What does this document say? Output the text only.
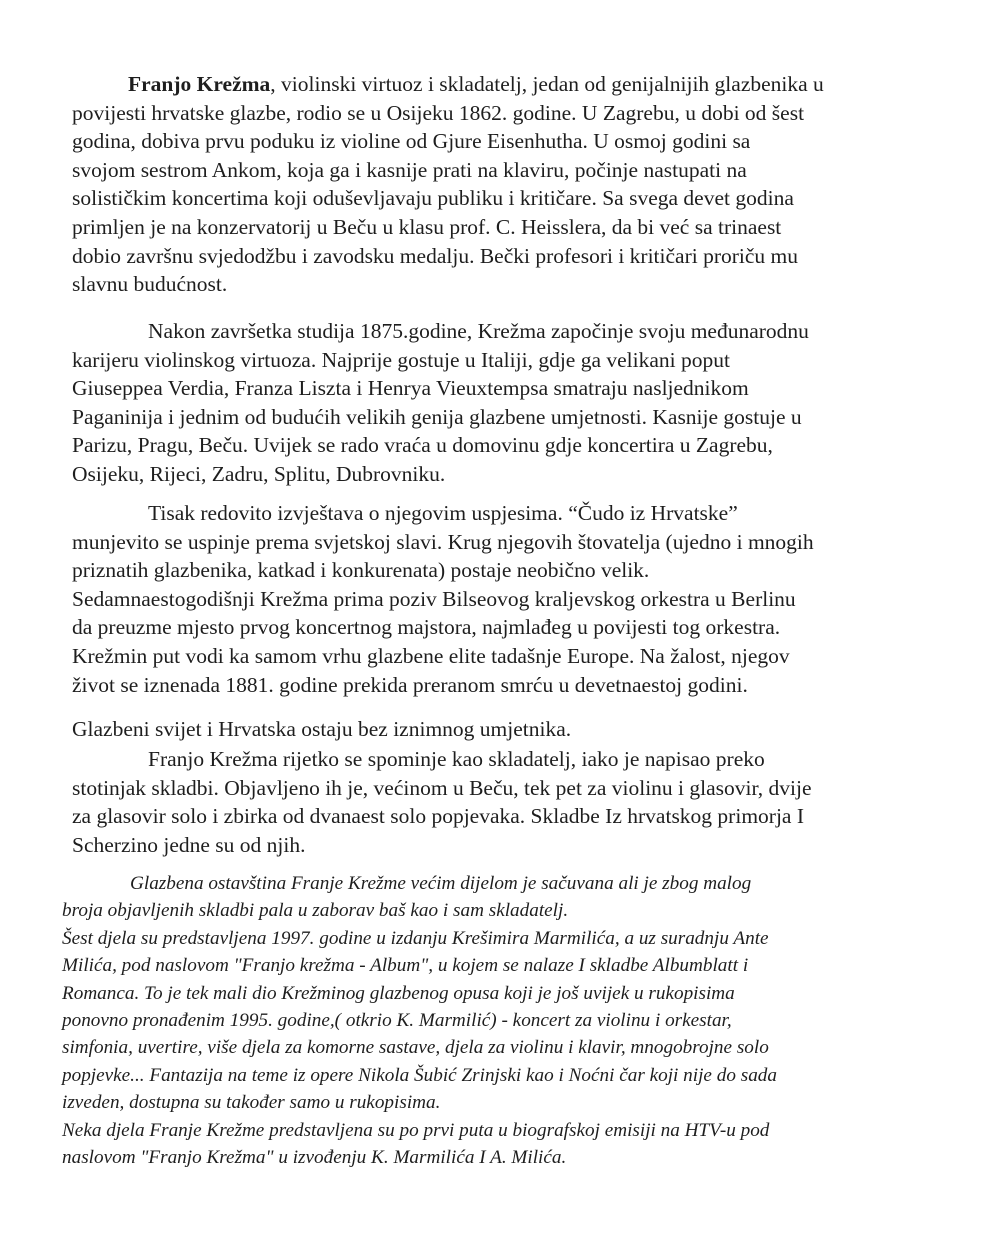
Franjo Krežma, violinski virtuoz i skladatelj, jedan od genijalnijih glazbenika u
povijesti hrvatske glazbe, rodio se u Osijeku 1862. godine. U Zagrebu, u dobi od šest
godina, dobiva prvu poduku iz violine od Gjure Eisenhutha. U osmoj godini sa
svojom sestrom Ankom, koja ga i kasnije prati na klaviru, počinje nastupati na
solističkim koncertima koji oduševljavaju publiku i kritičare. Sa svega devet godina
primljen je na konzervatorij u Beču u klasu prof. C. Heisslera, da bi već sa trinaest
dobio završnu svjedodžbu i zavodsku medalju. Bečki profesori i kritičari proriču mu
slavnu budućnost.

Nakon završetka studija 1875.godine, Krežma započinje svoju međunarodnu
karijeru violinskog virtuoza. Najprije gostuje u Italiji, gdje ga velikani poput
Giuseppea Verdia, Franza Liszta i Henrya Vieuxtempsa smatraju nasljednikom
Paganinija i jednim od budućih velikih genija glazbene umjetnosti. Kasnije gostuje u
Parizu, Pragu, Beču. Uvijek se rado vraća u domovinu gdje koncertira u Zagrebu,
Osijeku, Rijeci, Zadru, Splitu, Dubrovniku.

Tisak redovito izvještava o njegovim uspjesima. “Čudo iz Hrvatske”
munjevito se uspinje prema svjetskoj slavi. Krug njegovih štovatelja (ujedno i mnogih
priznatih glazbenika, katkad i konkurenata) postaje neobično velik.
Sedamnaestogodišnji Krežma prima poziv Bilseovog kraljevskog orkestra u Berlinu
da preuzme mjesto prvog koncertnog majstora, najmlađeg u povijesti tog orkestra.
Krežmin put vodi ka samom vrhu glazbene elite tadašnje Europe. Na žalost, njegov
život se iznenada 1881. godine prekida preranom smrću u devetnaestoj godini.

Glazbeni svijet i Hrvatska ostaju bez iznimnog umjetnika.

Franjo Krežma rijetko se spominje kao skladatelj, iako je napisao preko
stotinjak skladbi. Objavljeno ih je, većinom u Beču, tek pet za violinu i glasovir, dvije
za glasovir solo i zbirka od dvanaest solo popjevaka. Skladbe Iz hrvatskog primorja I
Scherzino jedne su od njih.

Glazbena ostavština Franje Krežme većim dijelom je sačuvana ali je zbog malog
broja objavljenih skladbi pala u zaborav baš kao i sam skladatelj.
Šest djela su predstavljena 1997. godine u izdanju Krešimira Marmilića, a uz suradnju Ante
Milića, pod naslovom "Franjo krežma - Album", u kojem se nalaze I skladbe Albumblatt i
Romanca. To je tek mali dio Krežminog glazbenog opusa koji je još uvijek u rukopisima
ponovno pronađenim 1995. godine,( otkrio K. Marmilić) - koncert za violinu i orkestar,
simfonia, uvertire, više djela za komorne sastave, djela za violinu i klavir, mnogobrojne solo
popjevke... Fantazija na teme iz opere Nikola Šubić Zrinjski kao i Noćni čar koji nije do sada
izveden, dostupna su također samo u rukopisima.
Neka djela Franje Krežme predstavljena su po prvi puta u biografskoj emisiji na HTV-u pod
naslovom "Franjo Krežma" u izvođenju K. Marmilića I A. Milića.
